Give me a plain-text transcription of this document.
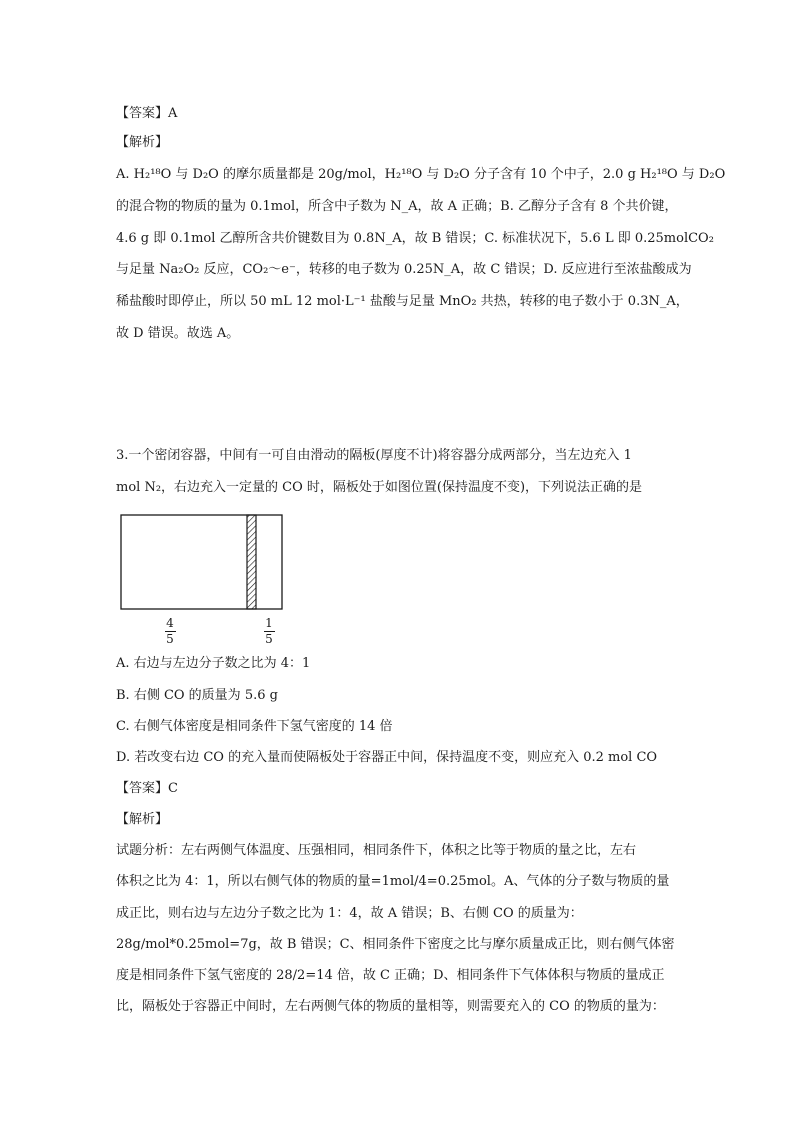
【答案】A
【解析】
A. H₂¹⁸O 与 D₂O 的摩尔质量都是 20g/mol，H₂¹⁸O 与 D₂O 分子含有 10 个中子，2.0 g H₂¹⁸O 与 D₂O
的混合物的物质的量为 0.1mol，所含中子数为 N_A，故 A 正确；B. 乙醇分子含有 8 个共价键，
4.6 g 即 0.1mol 乙醇所含共价键数目为 0.8N_A，故 B 错误；C. 标准状况下，5.6 L 即 0.25molCO₂
与足量 Na₂O₂ 反应，CO₂～e⁻，转移的电子数为 0.25N_A，故 C 错误；D. 反应进行至浓盐酸成为
稀盐酸时即停止，所以 50 mL 12 mol·L⁻¹ 盐酸与足量 MnO₂ 共热，转移的电子数小于 0.3N_A，
故 D 错误。故选 A。
3.一个密闭容器，中间有一可自由滑动的隔板(厚度不计)将容器分成两部分，当左边充入 1
mol N₂，右边充入一定量的 CO 时，隔板处于如图位置(保持温度不变)，下列说法正确的是
4
5
1
5
A. 右边与左边分子数之比为 4：1
B. 右侧 CO 的质量为 5.6 g
C. 右侧气体密度是相同条件下氢气密度的 14 倍
D. 若改变右边 CO 的充入量而使隔板处于容器正中间，保持温度不变，则应充入 0.2 mol CO
【答案】C
【解析】
试题分析：左右两侧气体温度、压强相同，相同条件下，体积之比等于物质的量之比，左右
体积之比为 4：1，所以右侧气体的物质的量=1mol/4=0.25mol。A、气体的分子数与物质的量
成正比，则右边与左边分子数之比为 1：4，故 A 错误；B、右侧 CO 的质量为：
28g/mol*0.25mol=7g，故 B 错误；C、相同条件下密度之比与摩尔质量成正比，则右侧气体密
度是相同条件下氢气密度的 28/2=14 倍，故 C 正确；D、相同条件下气体体积与物质的量成正
比，隔板处于容器正中间时，左右两侧气体的物质的量相等，则需要充入的 CO 的物质的量为：
